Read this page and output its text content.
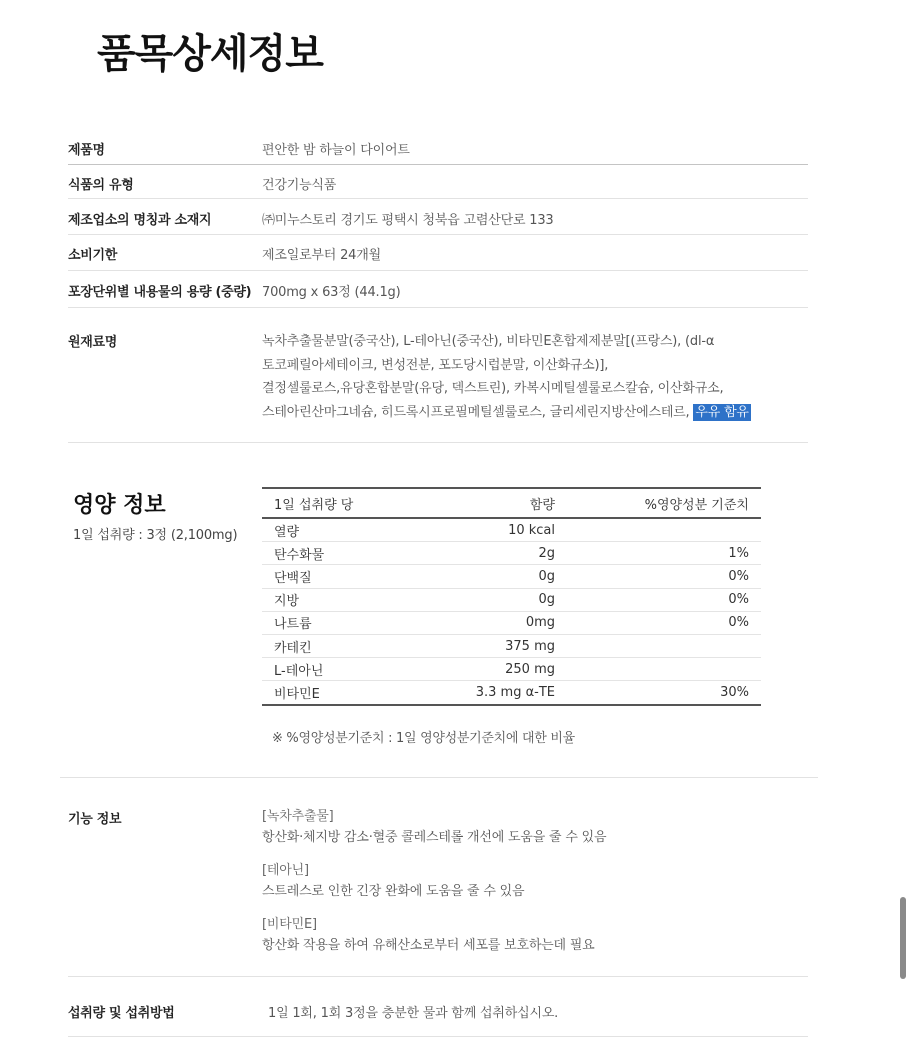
품목상세정보
제품명	편안한 밤 하늘이 다이어트
식품의 유형	건강기능식품
제조업소의 명칭과 소재지	㈜미누스토리 경기도 평택시 청북읍 고렴산단로 133
소비기한	제조일로부터 24개월
포장단위별 내용물의 용량 (중량) 700mg x 63정 (44.1g)
원재료명	녹차추출물분말(중국산), L-테아닌(중국산), 비타민E혼합제제분말[(프랑스), (dl-α
토코페릴아세테이크, 변성전분, 포도당시럽분말, 이산화규소)],
결정셀룰로스,유당혼합분말(유당, 덱스트린), 카복시메틸셀룰로스칼슘, 이산화규소,
스테아린산마그네슘, 히드록시프로필메틸셀룰로스, 글리세린지방산에스테르, 우유 함유
영양 정보
1일 섭취량 : 3정 (2,100mg)
1일 섭취량 당	함량	%영양성분 기준치
열량	10 kcal	
탄수화물	2g	1%
단백질	0g	0%
지방	0g	0%
나트륨	0mg	0%
카테킨	375 mg	
L-테아닌	250 mg	
비타민E	3.3 mg α-TE	30%
※ %영양성분기준치 : 1일 영양성분기준치에 대한 비율
기능 정보	[녹차추출물]
항산화·체지방 감소·혈중 콜레스테롤 개선에 도움을 줄 수 있음
[테아닌]
스트레스로 인한 긴장 완화에 도움을 줄 수 있음
[비타민E]
항산화 작용을 하여 유해산소로부터 세포를 보호하는데 필요
섭취량 및 섭취방법	1일 1회, 1회 3정을 충분한 물과 함께 섭취하십시오.
